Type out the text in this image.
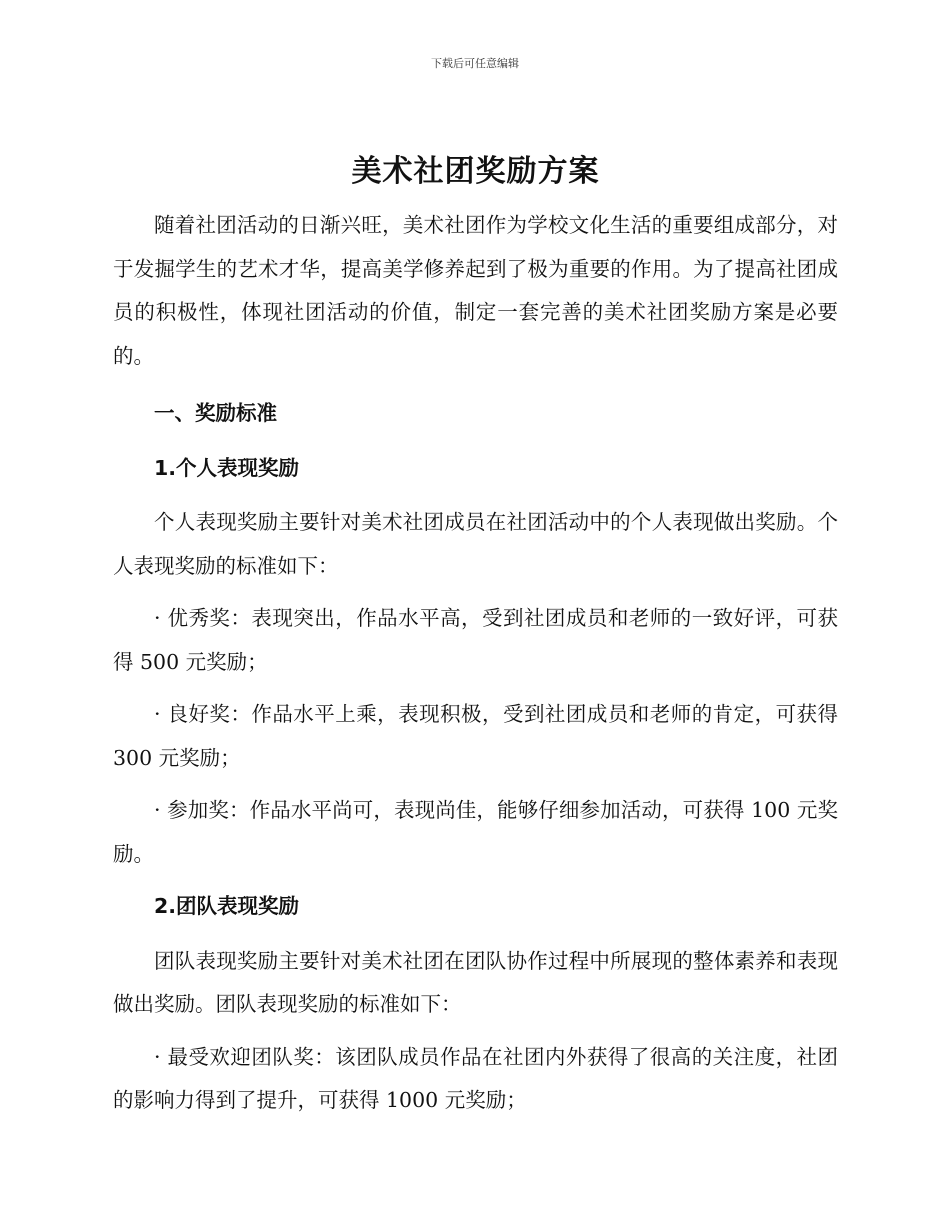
下载后可任意编辑
美术社团奖励方案

随着社团活动的日渐兴旺，美术社团作为学校文化生活的重要组成部分，对于发掘学生的艺术才华，提高美学修养起到了极为重要的作用。为了提高社团成员的积极性，体现社团活动的价值，制定一套完善的美术社团奖励方案是必要的。

一、奖励标准
1.个人表现奖励

个人表现奖励主要针对美术社团成员在社团活动中的个人表现做出奖励。个人表现奖励的标准如下：

· 优秀奖：表现突出，作品水平高，受到社团成员和老师的一致好评，可获得 500 元奖励；

· 良好奖：作品水平上乘，表现积极，受到社团成员和老师的肯定，可获得 300 元奖励；

· 参加奖：作品水平尚可，表现尚佳，能够仔细参加活动，可获得 100 元奖励。

2.团队表现奖励

团队表现奖励主要针对美术社团在团队协作过程中所展现的整体素养和表现做出奖励。团队表现奖励的标准如下：

· 最受欢迎团队奖：该团队成员作品在社团内外获得了很高的关注度，社团的影响力得到了提升，可获得 1000 元奖励；
